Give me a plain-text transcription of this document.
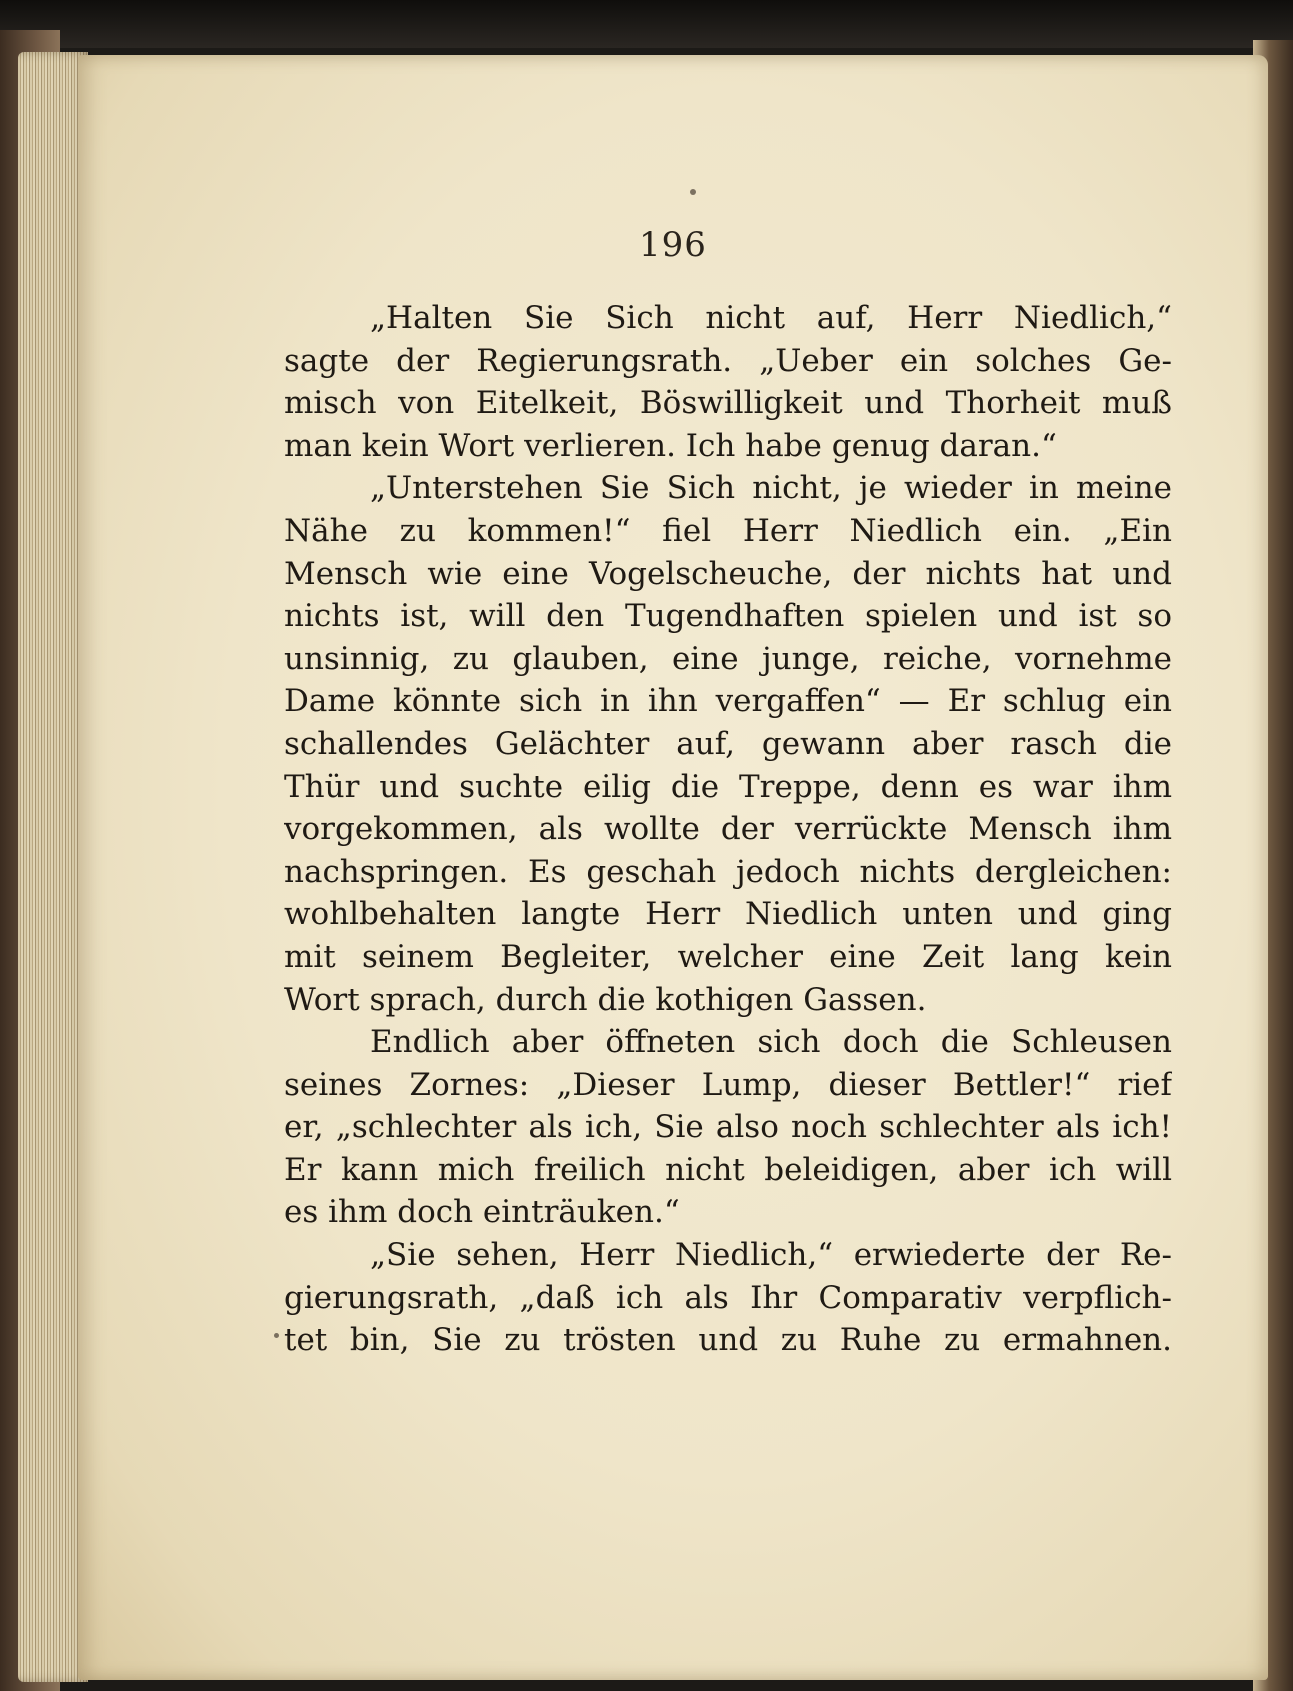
196
„Halten Sie Sich nicht auf, Herr Niedlich,“
sagte der Regierungsrath. „Ueber ein solches Ge-
misch von Eitelkeit, Böswilligkeit und Thorheit muß
man kein Wort verlieren. Ich habe genug daran.“
„Unterstehen Sie Sich nicht, je wieder in meine
Nähe zu kommen!“ fiel Herr Niedlich ein. „Ein
Mensch wie eine Vogelscheuche, der nichts hat und
nichts ist, will den Tugendhaften spielen und ist so
unsinnig, zu glauben, eine junge, reiche, vornehme
Dame könnte sich in ihn vergaffen“ — Er schlug ein
schallendes Gelächter auf, gewann aber rasch die
Thür und suchte eilig die Treppe, denn es war ihm
vorgekommen, als wollte der verrückte Mensch ihm
nachspringen. Es geschah jedoch nichts dergleichen:
wohlbehalten langte Herr Niedlich unten und ging
mit seinem Begleiter, welcher eine Zeit lang kein
Wort sprach, durch die kothigen Gassen.
Endlich aber öffneten sich doch die Schleusen
seines Zornes: „Dieser Lump, dieser Bettler!“ rief
er, „schlechter als ich, Sie also noch schlechter als ich!
Er kann mich freilich nicht beleidigen, aber ich will
es ihm doch einträuken.“
„Sie sehen, Herr Niedlich,“ erwiederte der Re-
gierungsrath, „daß ich als Ihr Comparativ verpflich-
tet bin, Sie zu trösten und zu Ruhe zu ermahnen.
